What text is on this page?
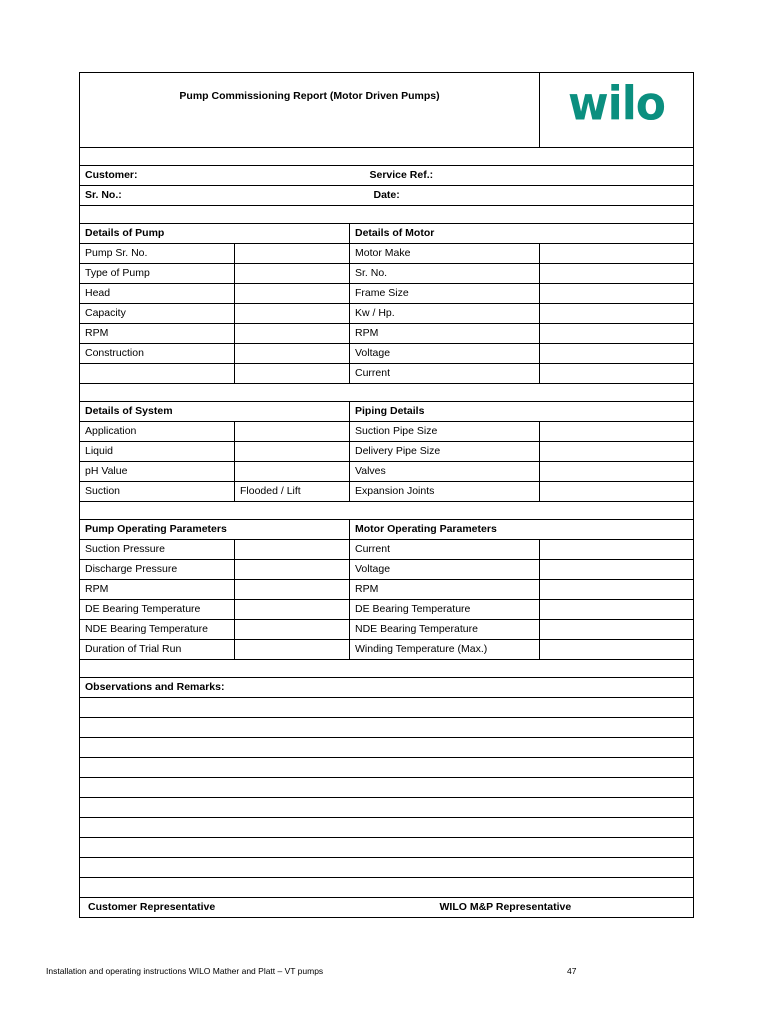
Pump Commissioning Report (Motor Driven Pumps)			wilo

Customer:		Service Ref.:	
Sr. No.:		Date:	

Details of Pump		Details of Motor	
Pump Sr. No.		Motor Make	
Type of Pump		Sr. No.	
Head		Frame Size	
Capacity		Kw / Hp.	
RPM		RPM	
Construction		Voltage	
		Current	

Details of System		Piping Details	
Application		Suction Pipe Size	
Liquid		Delivery Pipe Size	
pH Value		Valves	
Suction	Flooded / Lift	Expansion Joints	

Pump Operating Parameters		Motor Operating Parameters	
Suction Pressure		Current	
Discharge Pressure		Voltage	
RPM		RPM	
DE Bearing Temperature		DE Bearing Temperature	
NDE Bearing Temperature		NDE Bearing Temperature	
Duration of Trial Run		Winding Temperature (Max.)	

Observations and Remarks:			

Customer Representative		WILO M&P Representative	
Installation and operating instructions WILO Mather and Platt – VT pumps	47
